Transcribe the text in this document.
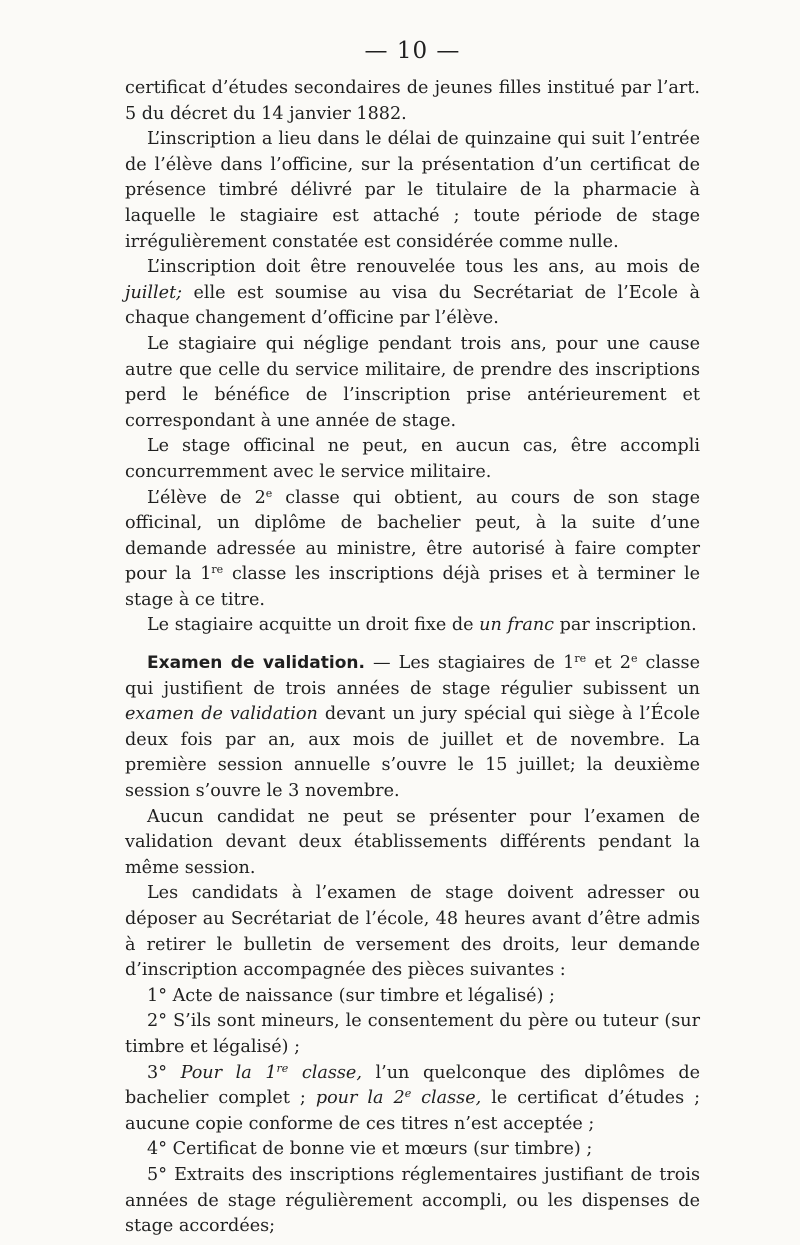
— 10 —

certificat d’études secondaires de jeunes filles institué par l’art. 5 du décret du 14 janvier 1882.

L’inscription a lieu dans le délai de quinzaine qui suit l’entrée de l’élève dans l’officine, sur la présentation d’un certificat de présence timbré délivré par le titulaire de la pharmacie à laquelle le stagiaire est attaché ; toute période de stage irrégulièrement constatée est considérée comme nulle.

L’inscription doit être renouvelée tous les ans, au mois de juillet; elle est soumise au visa du Secrétariat de l’Ecole à chaque changement d’officine par l’élève.

Le stagiaire qui néglige pendant trois ans, pour une cause autre que celle du service militaire, de prendre des inscriptions perd le bénéfice de l’inscription prise antérieurement et correspondant à une année de stage.

Le stage officinal ne peut, en aucun cas, être accompli concurremment avec le service militaire.

L’élève de 2e classe qui obtient, au cours de son stage officinal, un diplôme de bachelier peut, à la suite d’une demande adressée au ministre, être autorisé à faire compter pour la 1re classe les inscriptions déjà prises et à terminer le stage à ce titre.

Le stagiaire acquitte un droit fixe de un franc par inscription.

Examen de validation. — Les stagiaires de 1re et 2e classe qui justifient de trois années de stage régulier subissent un examen de validation devant un jury spécial qui siège à l’École deux fois par an, aux mois de juillet et de novembre. La première session annuelle s’ouvre le 15 juillet; la deuxième session s’ouvre le 3 novembre.

Aucun candidat ne peut se présenter pour l’examen de validation devant deux établissements différents pendant la même session.

Les candidats à l’examen de stage doivent adresser ou déposer au Secrétariat de l’école, 48 heures avant d’être admis à retirer le bulletin de versement des droits, leur demande d’inscription accompagnée des pièces suivantes :

1° Acte de naissance (sur timbre et légalisé) ;

2° S’ils sont mineurs, le consentement du père ou tuteur (sur timbre et légalisé) ;

3° Pour la 1re classe, l’un quelconque des diplômes de bachelier complet ; pour la 2e classe, le certificat d’études ; aucune copie conforme de ces titres n’est acceptée ;

4° Certificat de bonne vie et mœurs (sur timbre) ;

5° Extraits des inscriptions réglementaires justifiant de trois années de stage régulièrement accompli, ou les dispenses de stage accordées;
